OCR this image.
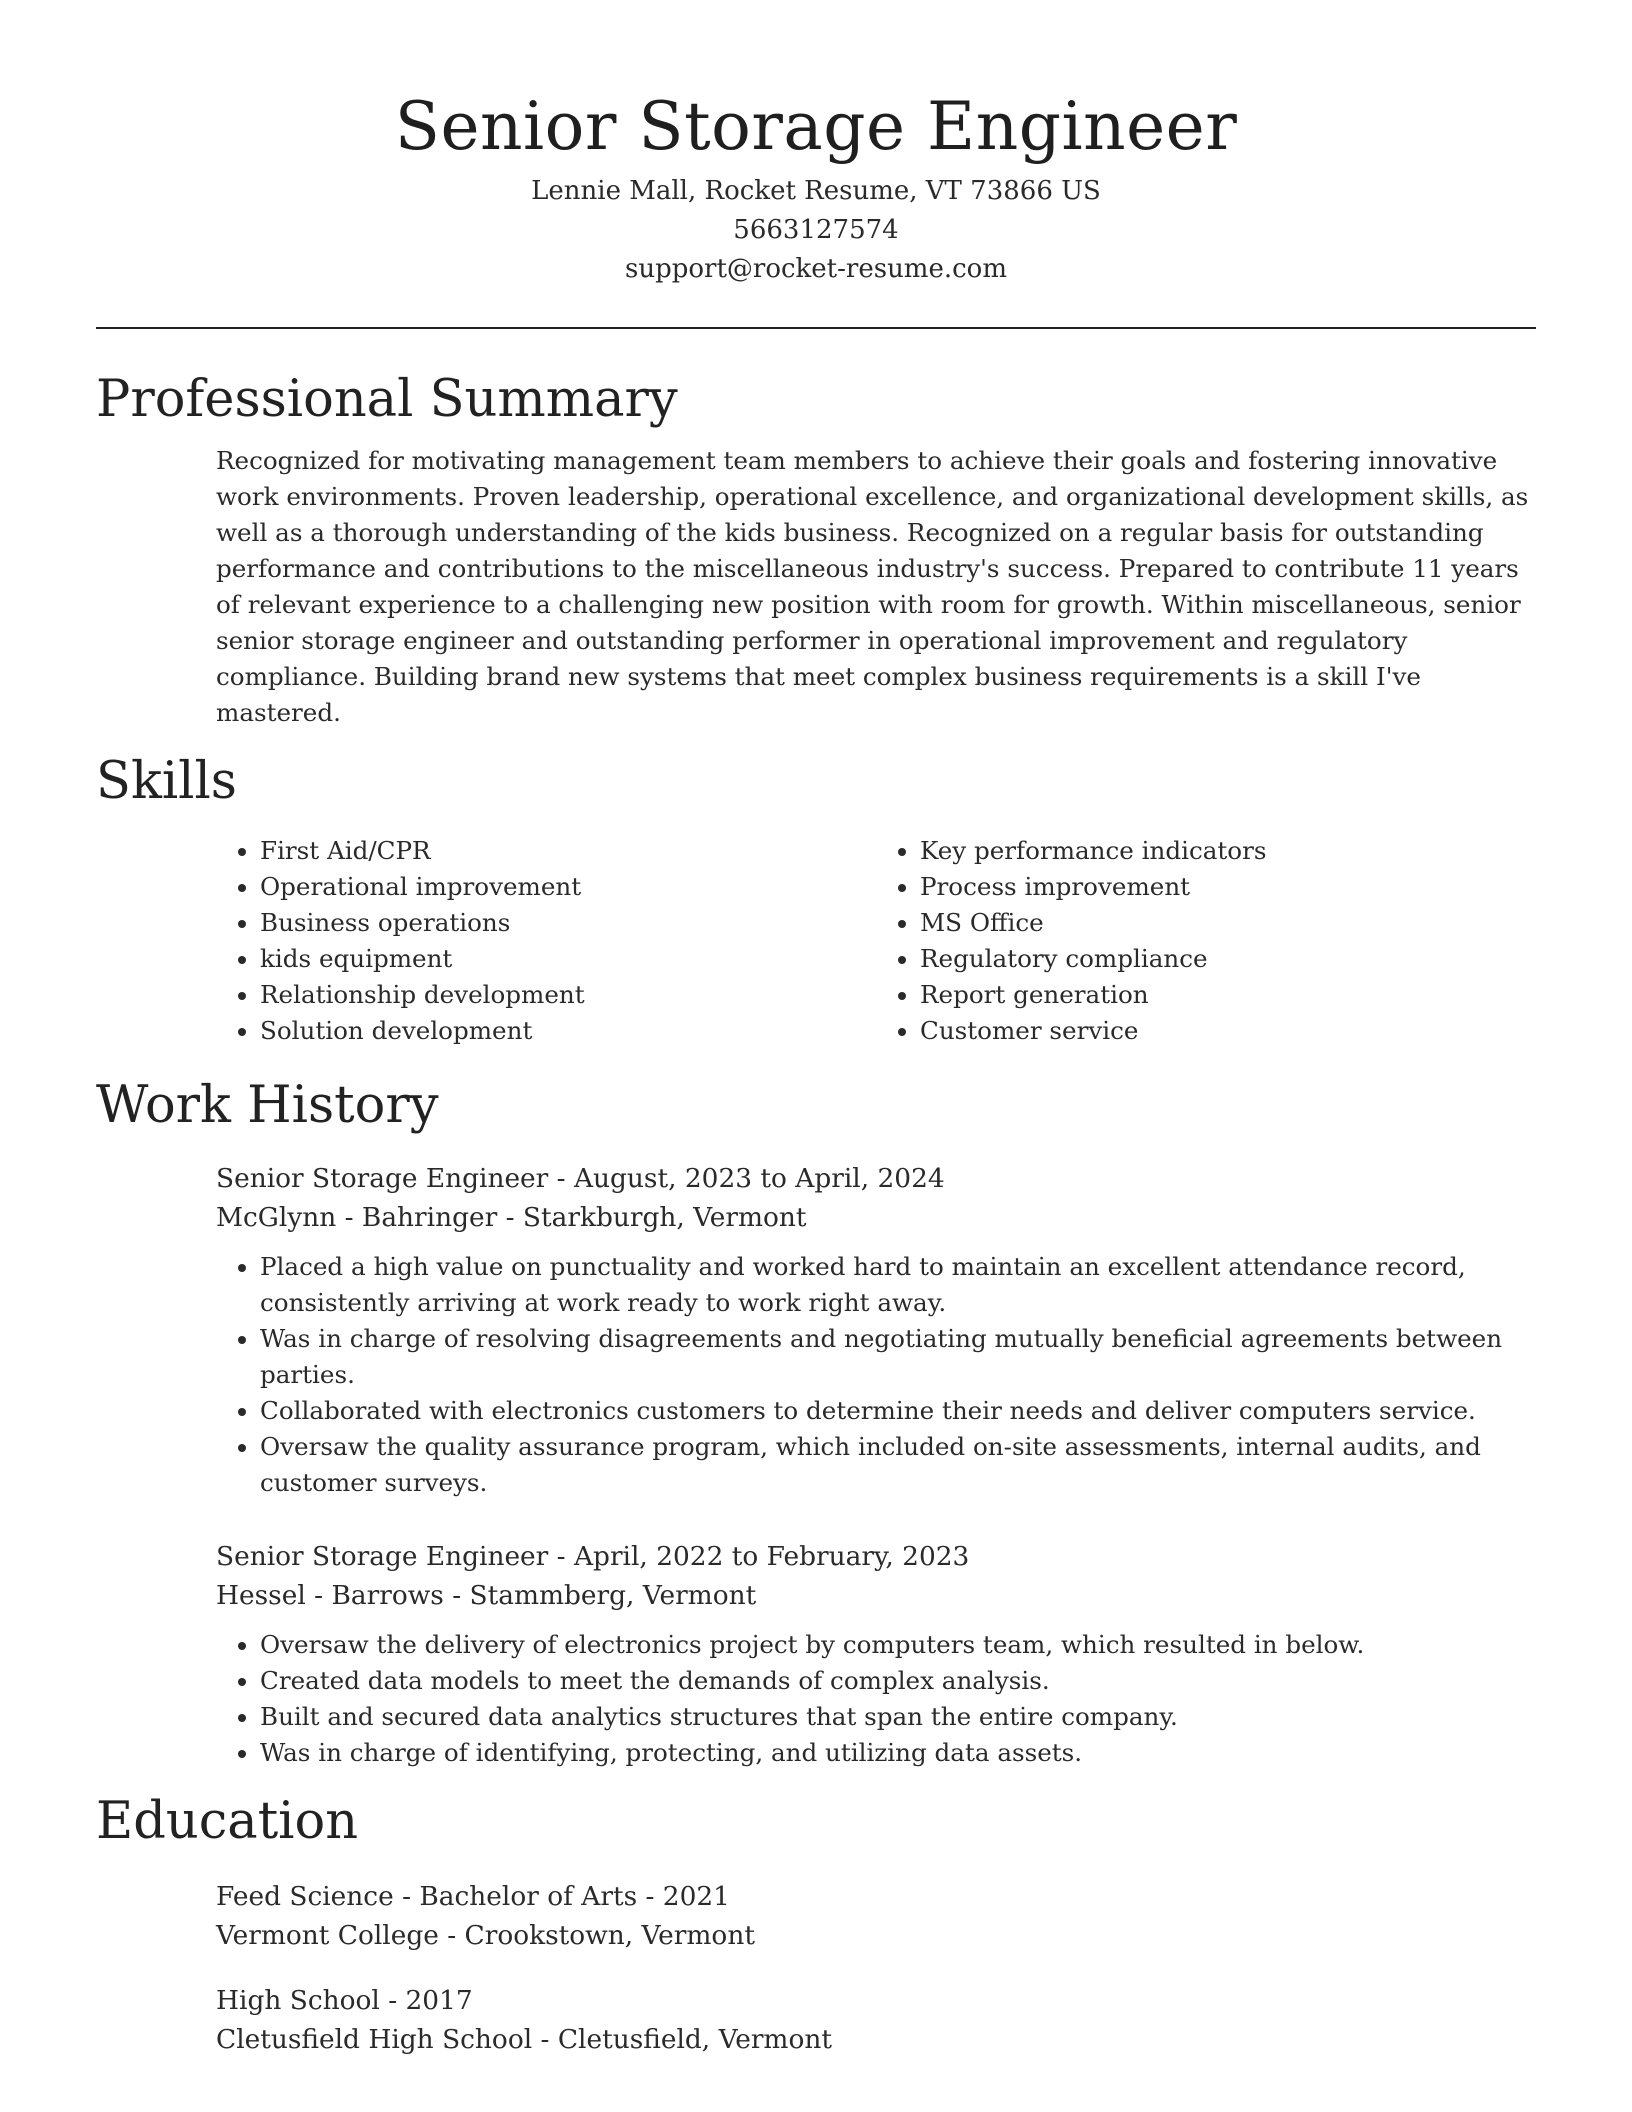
Senior Storage Engineer
Lennie Mall, Rocket Resume, VT 73866 US
5663127574
support@rocket-resume.com
Professional Summary

Recognized for motivating management team members to achieve their goals and fostering innovative work environments. Proven leadership, operational excellence, and organizational development skills, as well as a thorough understanding of the kids business. Recognized on a regular basis for outstanding performance and contributions to the miscellaneous industry's success. Prepared to contribute 11 years of relevant experience to a challenging new position with room for growth. Within miscellaneous, senior senior storage engineer and outstanding performer in operational improvement and regulatory compliance. Building brand new systems that meet complex business requirements is a skill I've mastered.

Skills
• First Aid/CPR
• Operational improvement
• Business operations
• kids equipment
• Relationship development
• Solution development
• Key performance indicators
• Process improvement
• MS Office
• Regulatory compliance
• Report generation
• Customer service
Work History
Senior Storage Engineer - August, 2023 to April, 2024
McGlynn - Bahringer - Starkburgh, Vermont
• Placed a high value on punctuality and worked hard to maintain an excellent attendance record, consistently arriving at work ready to work right away.
• Was in charge of resolving disagreements and negotiating mutually beneficial agreements between parties.
• Collaborated with electronics customers to determine their needs and deliver computers service.
• Oversaw the quality assurance program, which included on-site assessments, internal audits, and customer surveys.
Senior Storage Engineer - April, 2022 to February, 2023
Hessel - Barrows - Stammberg, Vermont
• Oversaw the delivery of electronics project by computers team, which resulted in below.
• Created data models to meet the demands of complex analysis.
• Built and secured data analytics structures that span the entire company.
• Was in charge of identifying, protecting, and utilizing data assets.
Education
Feed Science - Bachelor of Arts - 2021
Vermont College - Crookstown, Vermont
High School - 2017
Cletusfield High School - Cletusfield, Vermont
